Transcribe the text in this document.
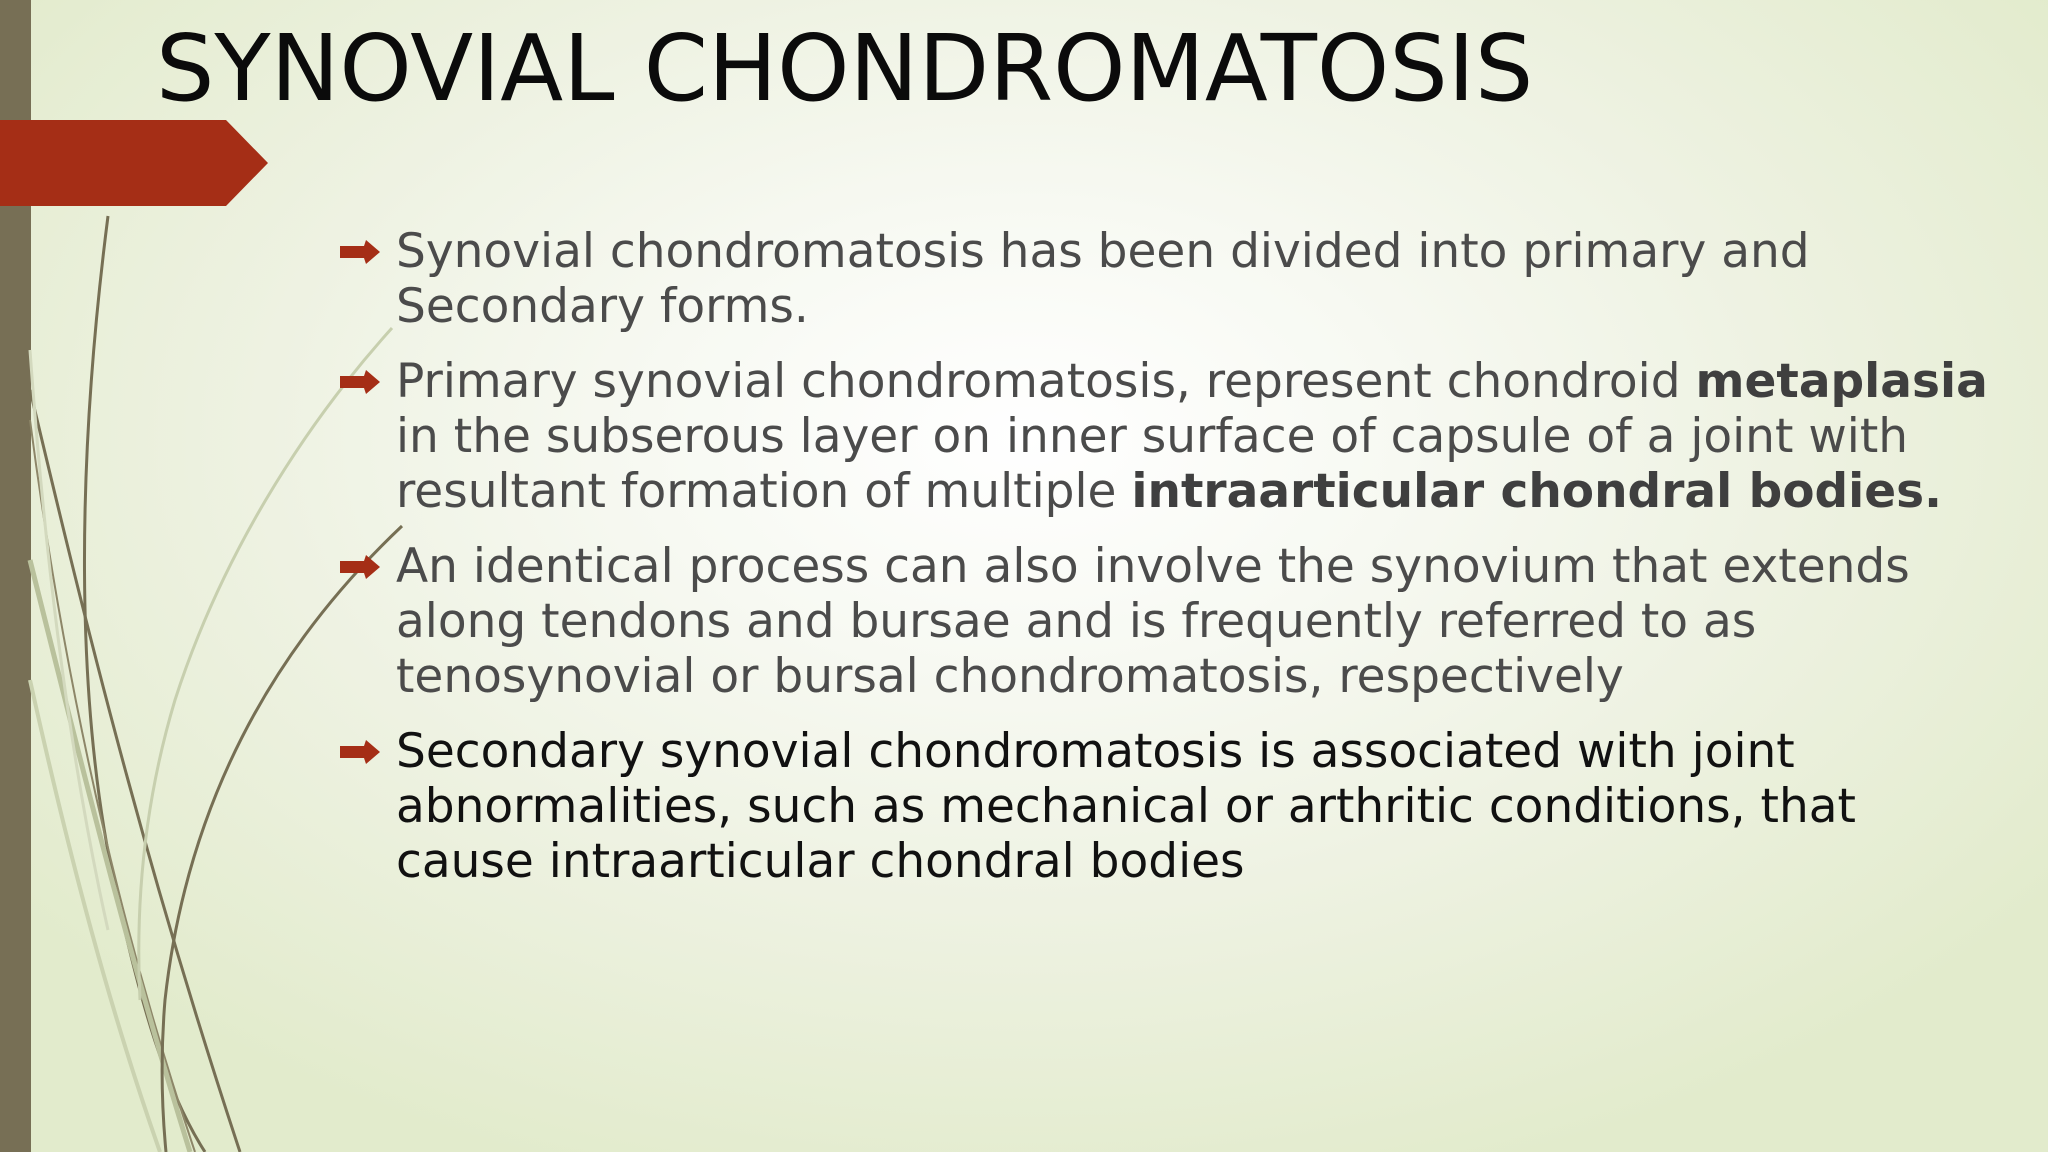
SYNOVIAL CHONDROMATOSIS
Synovial chondromatosis has been divided into primary and
Secondary forms.
Primary synovial chondromatosis, represent chondroid metaplasia
in the subserous layer on inner surface of capsule of a joint with
resultant formation of multiple intraarticular chondral bodies.
An identical process can also involve the synovium that extends
along tendons and bursae and is frequently referred to as
tenosynovial or bursal chondromatosis, respectively
Secondary synovial chondromatosis is associated with joint
abnormalities, such as mechanical or arthritic conditions, that
cause intraarticular chondral bodies
